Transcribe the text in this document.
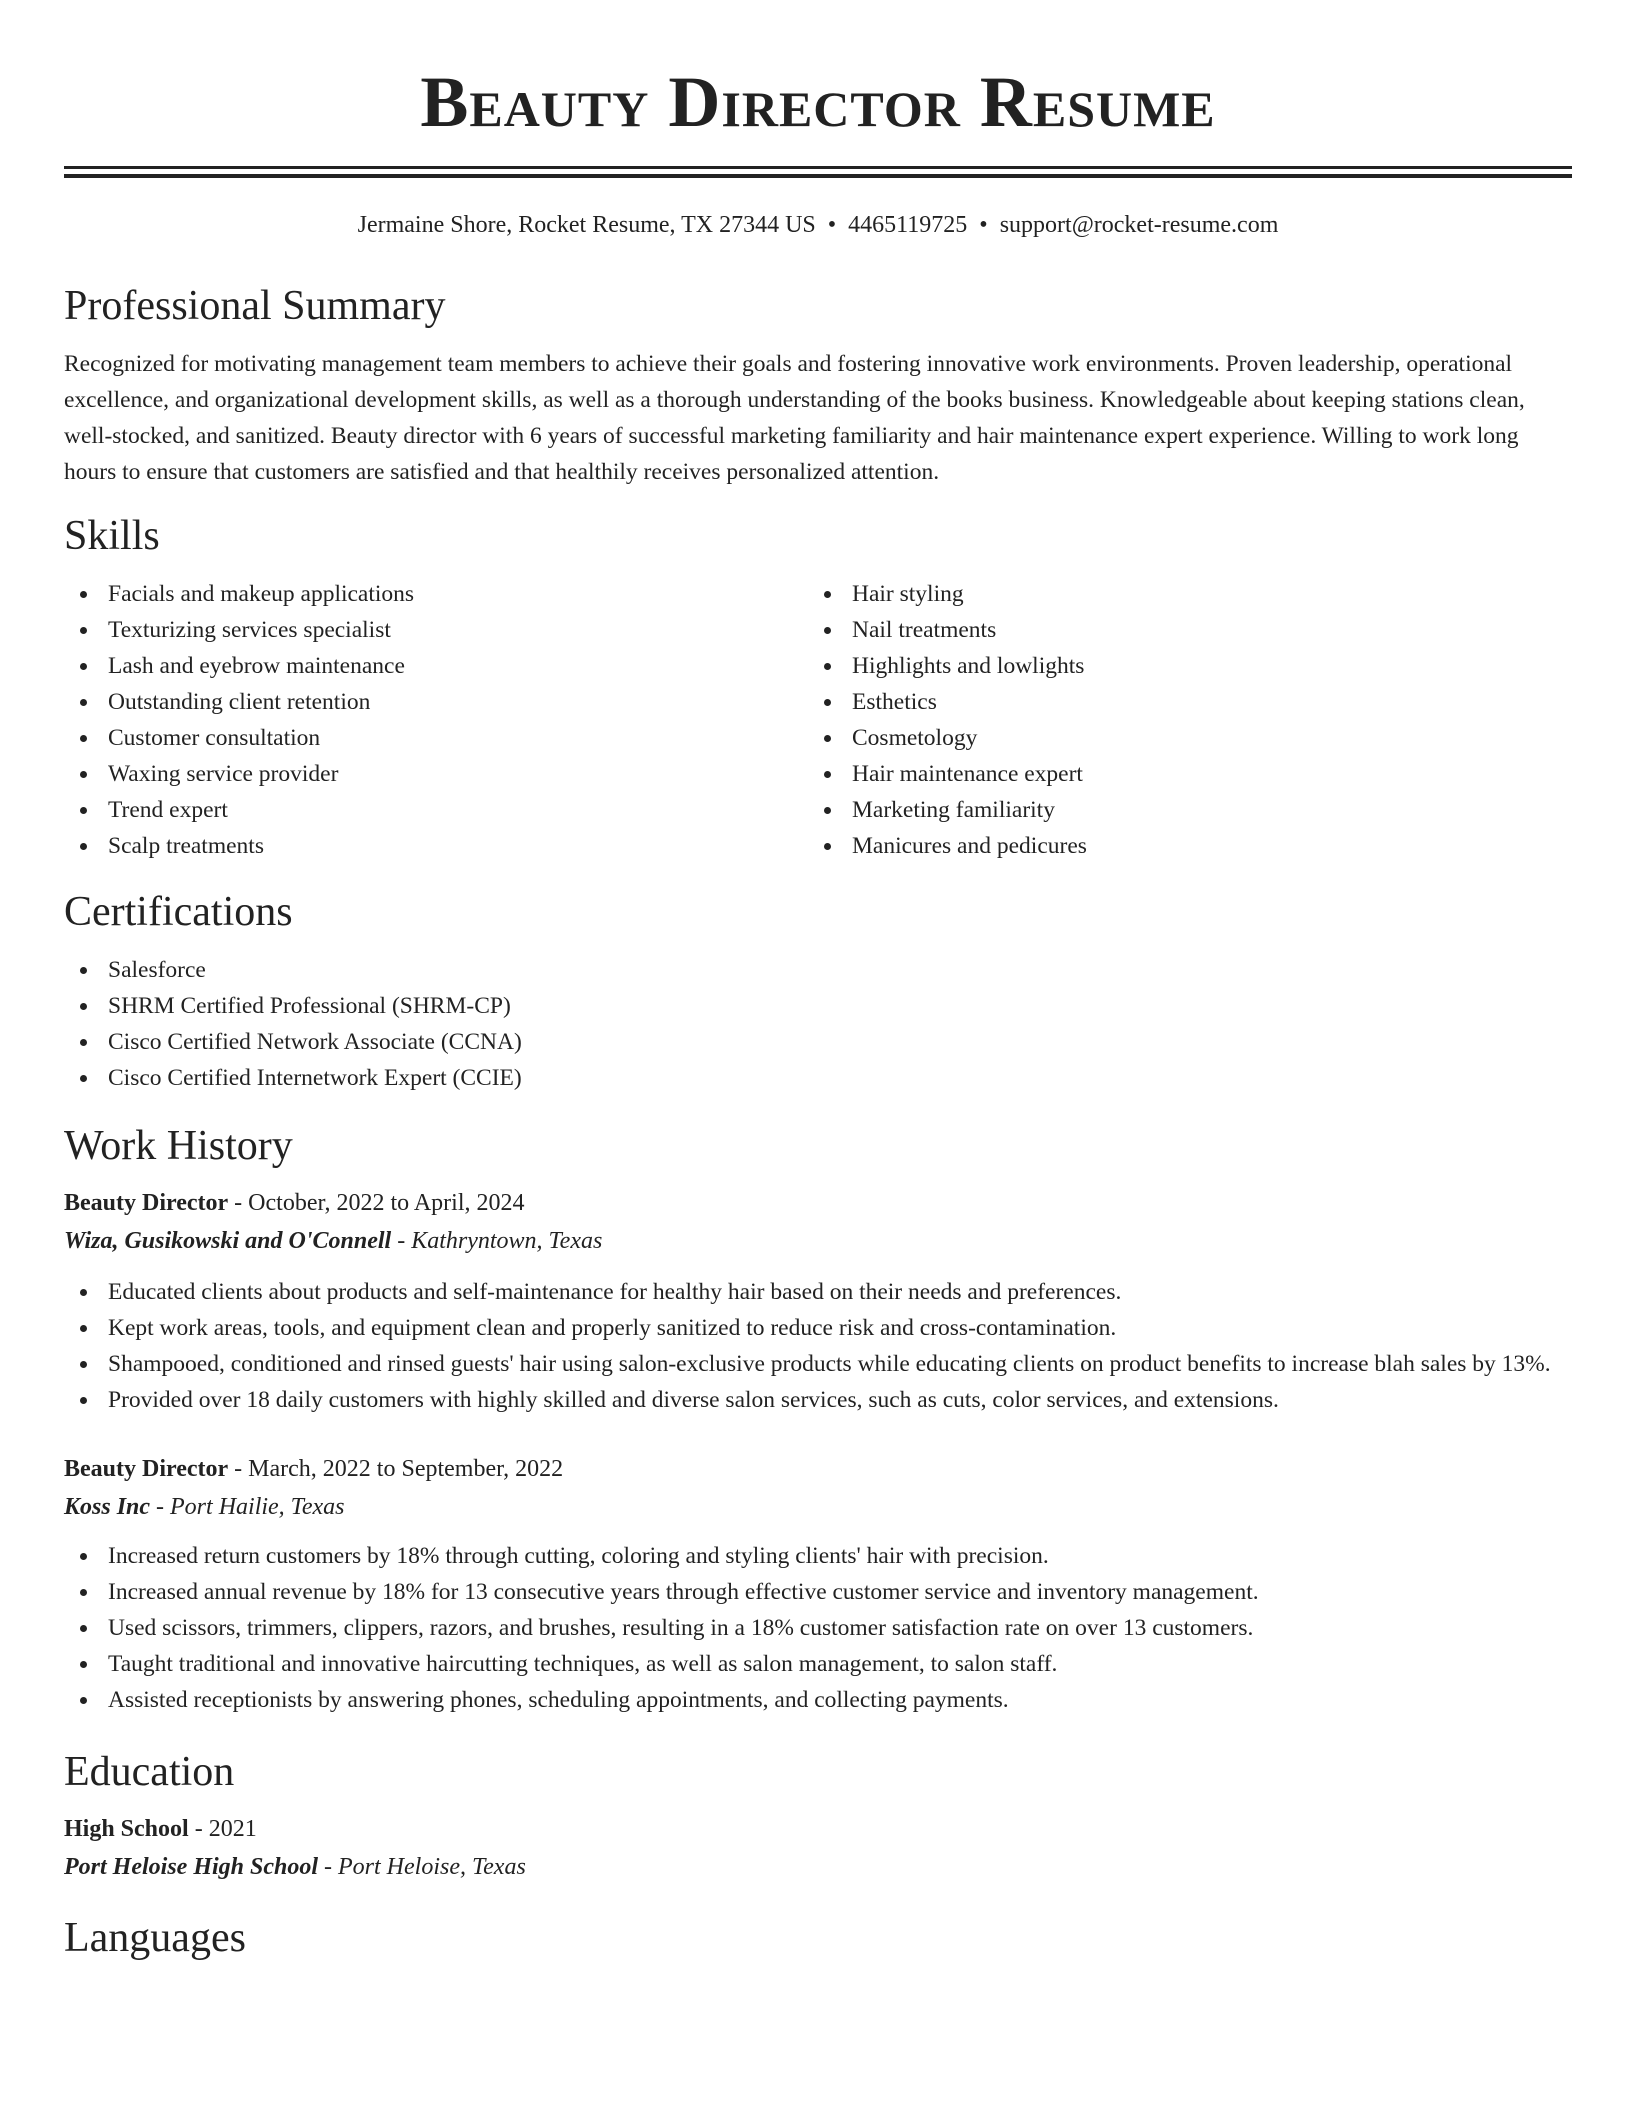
Beauty Director Resume
Jermaine Shore, Rocket Resume, TX 27344 US • 4465119725 • support@rocket-resume.com
Professional Summary

Recognized for motivating management team members to achieve their goals and fostering innovative work environments. Proven leadership, operational excellence, and organizational development skills, as well as a thorough understanding of the books business. Knowledgeable about keeping stations clean, well-stocked, and sanitized. Beauty director with 6 years of successful marketing familiarity and hair maintenance expert experience. Willing to work long hours to ensure that customers are satisfied and that healthily receives personalized attention.

Skills
Facials and makeup applications
Texturizing services specialist
Lash and eyebrow maintenance
Outstanding client retention
Customer consultation
Waxing service provider
Trend expert
Scalp treatments
Hair styling
Nail treatments
Highlights and lowlights
Esthetics
Cosmetology
Hair maintenance expert
Marketing familiarity
Manicures and pedicures
Certifications
Salesforce
SHRM Certified Professional (SHRM-CP)
Cisco Certified Network Associate (CCNA)
Cisco Certified Internetwork Expert (CCIE)
Work History
Beauty Director - October, 2022 to April, 2024
Wiza, Gusikowski and O'Connell - Kathryntown, Texas
Educated clients about products and self-maintenance for healthy hair based on their needs and preferences.
Kept work areas, tools, and equipment clean and properly sanitized to reduce risk and cross-contamination.
Shampooed, conditioned and rinsed guests' hair using salon-exclusive products while educating clients on product benefits to increase blah sales by 13%.
Provided over 18 daily customers with highly skilled and diverse salon services, such as cuts, color services, and extensions.
Beauty Director - March, 2022 to September, 2022
Koss Inc - Port Hailie, Texas
Increased return customers by 18% through cutting, coloring and styling clients' hair with precision.
Increased annual revenue by 18% for 13 consecutive years through effective customer service and inventory management.
Used scissors, trimmers, clippers, razors, and brushes, resulting in a 18% customer satisfaction rate on over 13 customers.
Taught traditional and innovative haircutting techniques, as well as salon management, to salon staff.
Assisted receptionists by answering phones, scheduling appointments, and collecting payments.
Education
High School - 2021
Port Heloise High School - Port Heloise, Texas
Languages
